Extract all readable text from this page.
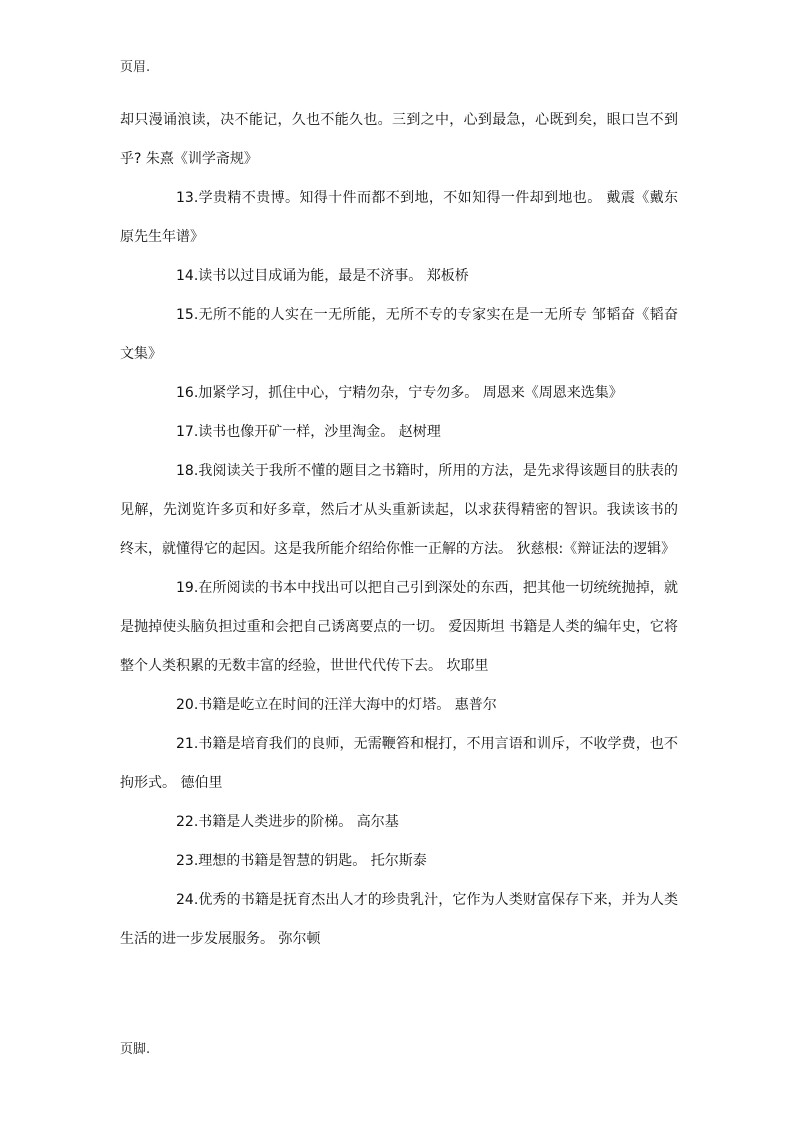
页眉.

却只漫诵浪读，决不能记，久也不能久也。三到之中，心到最急，心既到矣，眼口岂不到乎? 朱熹《训学斋规》

13.学贵精不贵博。知得十件而都不到地，不如知得一件却到地也。 戴震《戴东原先生年谱》

14.读书以过目成诵为能，最是不济事。 郑板桥

15.无所不能的人实在一无所能，无所不专的专家实在是一无所专 邹韬奋《韬奋文集》

16.加紧学习，抓住中心，宁精勿杂，宁专勿多。 周恩来《周恩来选集》

17.读书也像开矿一样，沙里淘金。 赵树理

18.我阅读关于我所不懂的题目之书籍时，所用的方法，是先求得该题目的肤表的见解，先浏览许多页和好多章，然后才从头重新读起，以求获得精密的智识。我读该书的终末，就懂得它的起因。这是我所能介绍给你惟一正解的方法。 狄慈根:《辩证法的逻辑》

19.在所阅读的书本中找出可以把自己引到深处的东西，把其他一切统统抛掉，就是抛掉使头脑负担过重和会把自己诱离要点的一切。 爱因斯坦 书籍是人类的编年史，它将整个人类积累的无数丰富的经验，世世代代传下去。 坎耶里

20.书籍是屹立在时间的汪洋大海中的灯塔。 惠普尔

21.书籍是培育我们的良师，无需鞭笞和棍打，不用言语和训斥，不收学费，也不拘形式。 德伯里

22.书籍是人类进步的阶梯。 高尔基

23.理想的书籍是智慧的钥匙。 托尔斯泰

24.优秀的书籍是抚育杰出人才的珍贵乳汁，它作为人类财富保存下来，并为人类生活的进一步发展服务。 弥尔顿

页脚.
